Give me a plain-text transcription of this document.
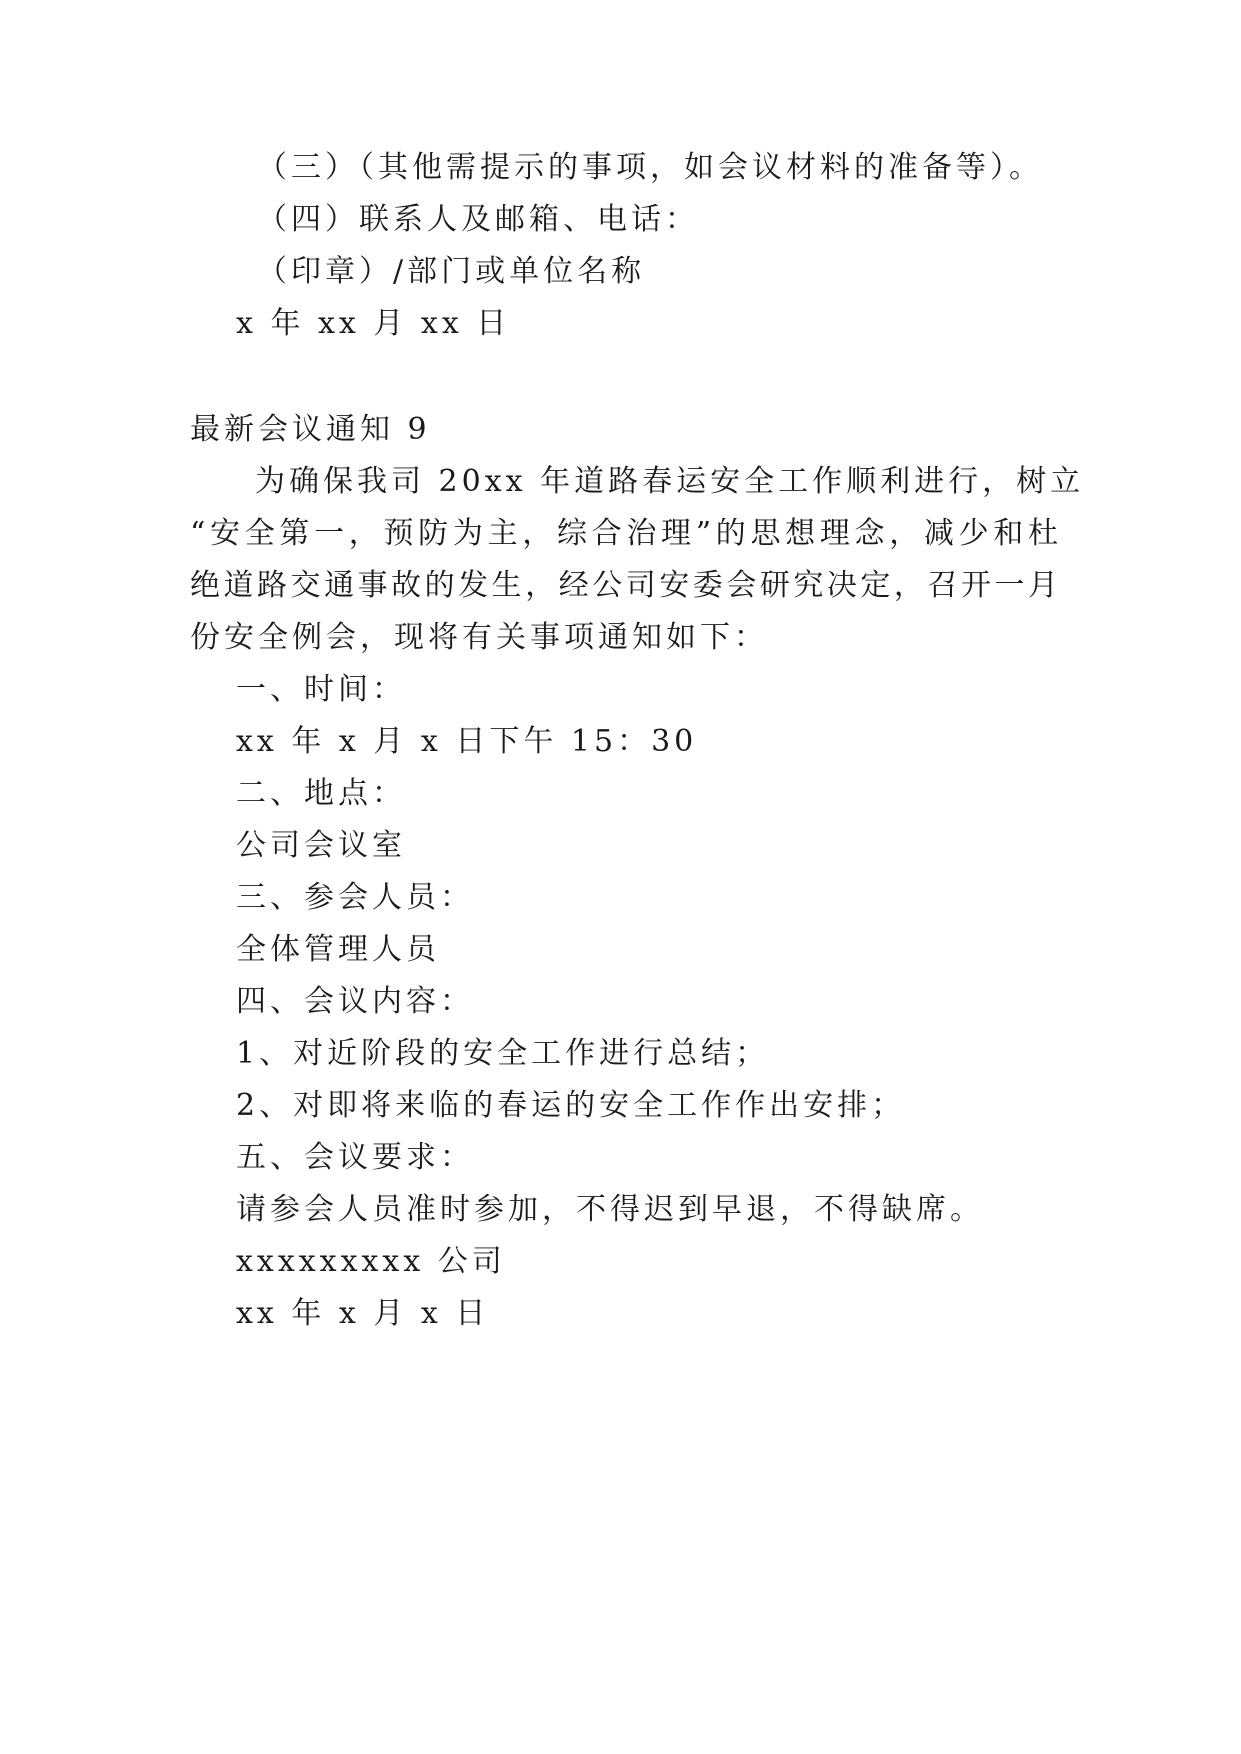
（三）（其他需提示的事项，如会议材料的准备等）。
（四）联系人及邮箱、电话：
（印章）/部门或单位名称
x 年 xx 月 xx 日
最新会议通知 9
为确保我司 20xx 年道路春运安全工作顺利进行，树立
“安全第一，预防为主，综合治理”的思想理念，减少和杜
绝道路交通事故的发生，经公司安委会研究决定，召开一月
份安全例会，现将有关事项通知如下：
一、时间：
xx 年 x 月 x 日下午 15：30
二、地点：
公司会议室
三、参会人员：
全体管理人员
四、会议内容：
1、对近阶段的安全工作进行总结；
2、对即将来临的春运的安全工作作出安排；
五、会议要求：
请参会人员准时参加，不得迟到早退，不得缺席。
xxxxxxxxx 公司
xx 年 x 月 x 日
